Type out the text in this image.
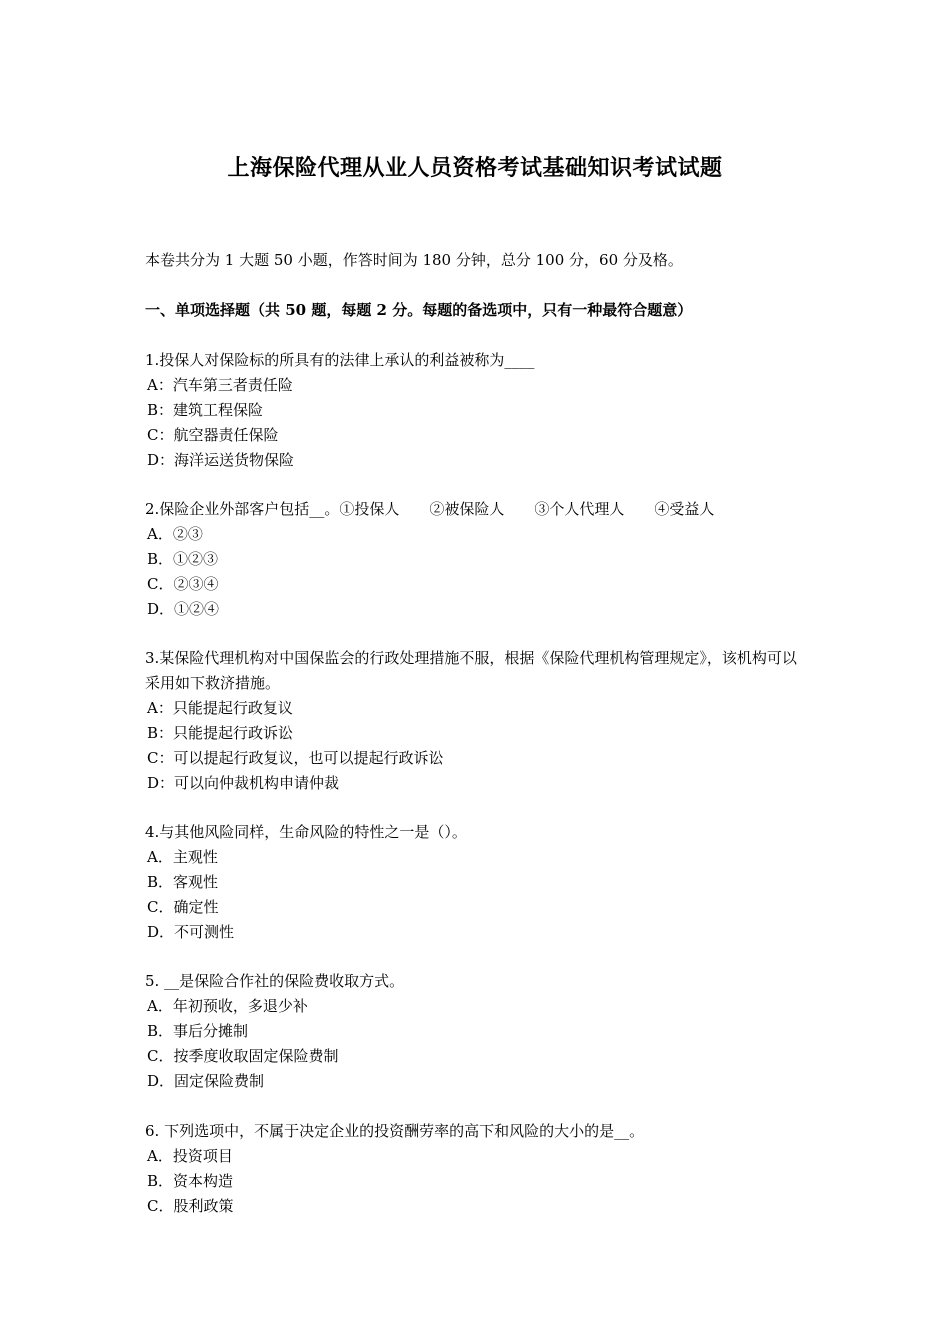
上海保险代理从业人员资格考试基础知识考试试题
本卷共分为 1 大题 50 小题，作答时间为 180 分钟，总分 100 分，60 分及格。
一、单项选择题（共 50 题，每题 2 分。每题的备选项中，只有一种最符合题意）

1.投保人对保险标的所具有的法律上承认的利益被称为____

A：汽车第三者责任险

B：建筑工程保险

C：航空器责任保险

D：海洋运送货物保险

2.保险企业外部客户包括__。①投保人　　②被保险人　　③个人代理人　　④受益人

A．②③

B．①②③

C．②③④

D．①②④

3.某保险代理机构对中国保监会的行政处理措施不服，根据《保险代理机构管理规定》，该机构可以采用如下救济措施。

A：只能提起行政复议

B：只能提起行政诉讼

C：可以提起行政复议，也可以提起行政诉讼

D：可以向仲裁机构申请仲裁

4.与其他风险同样，生命风险的特性之一是（）。

A．主观性

B．客观性

C．确定性

D．不可测性

5. __是保险合作社的保险费收取方式。

A．年初预收，多退少补

B．事后分摊制

C．按季度收取固定保险费制

D．固定保险费制

6. 下列选项中，不属于决定企业的投资酬劳率的高下和风险的大小的是__。

A．投资项目

B．资本构造

C．股利政策
